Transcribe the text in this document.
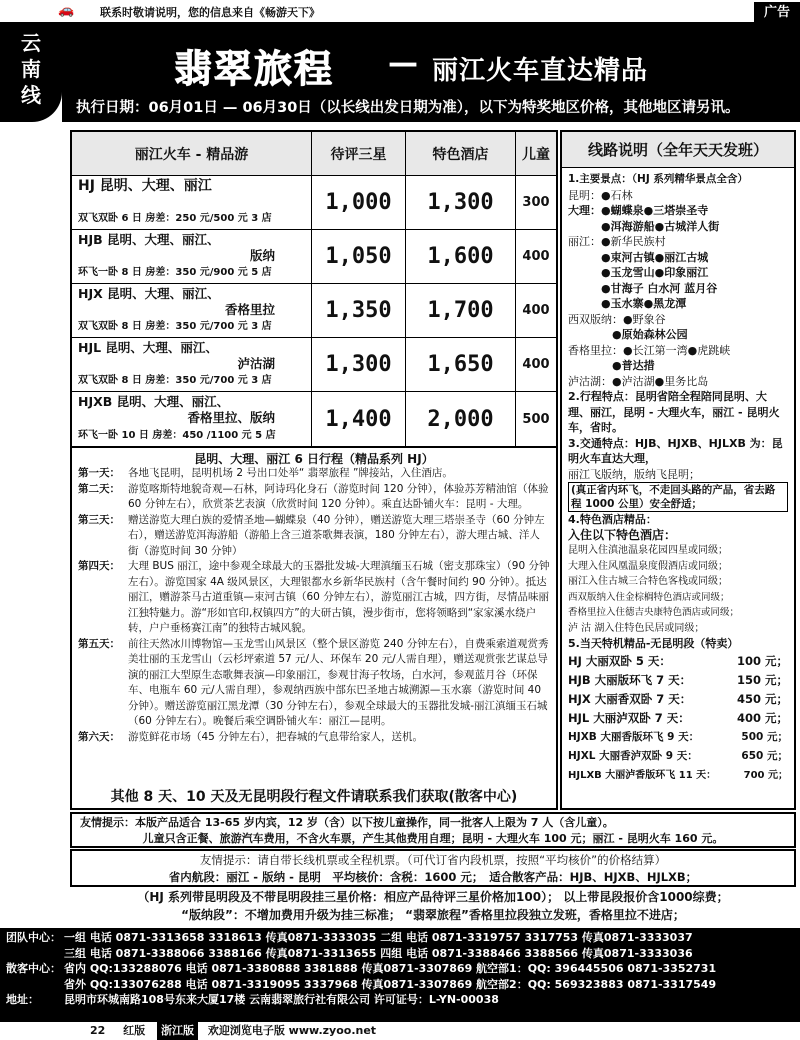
🚗	联系时敬请说明，您的信息来自《畅游天下》	广告
云
南
线
翡翠旅程 — 丽江火车直达精品
执行日期：06月01日 — 06月30日（以长线出发日期为准），以下为特奖地区价格，其他地区请另讯。
丽江火车 - 精品游	待评三星	特色酒店	儿童
HJ 昆明、大理、丽江
双飞双卧 6 日 房差：250 元/500 元 3 店
1,000	1,300	300
HJB 昆明、大理、丽江、
版纳
环飞一卧 8 日 房差：350 元/900 元 5 店
1,050	1,600	400
HJX 昆明、大理、丽江、
香格里拉
双飞双卧 8 日 房差：350 元/700 元 3 店
1,350	1,700	400
HJL 昆明、大理、丽江、
泸沽湖
双飞双卧 8 日 房差：350 元/700 元 3 店
1,300	1,650	400
HJXB 昆明、大理、丽江、
香格里拉、版纳
环飞一卧 10 日 房差：450 /1100 元 5 店
1,400	2,000	500
昆明、大理、丽江 6 日行程（精品系列 HJ）
第一天： 各地飞昆明，昆明机场 2 号出口处举“ 翡翠旅程 ”牌接站，入住酒店。
第二天： 游览喀斯特地貌奇观—石林，阿诗玛化身石（游览时间 120 分钟），体验苏芳精油馆（体验 60 分钟左右），欣赏茶艺表演（欣赏时间 120 分钟）。乘直达卧铺火车：昆明 - 大理。
第三天： 赠送游览大理白族的爱情圣地—蝴蝶泉（40 分钟），赠送游览大理三塔崇圣寺（60 分钟左右），赠送游览洱海游船（游船上含三道茶歌舞表演，180 分钟左右），游大理古城、洋人街（游览时间 30 分钟）
第四天： 大理 BUS 丽江，途中参观全球最大的玉器批发城-大理滇缅玉石城（密支那珠宝）（90 分钟左右）。游览国家 4A 级风景区，大理银都水乡新华民族村（含午餐时间约 90 分钟）。抵达丽江，赠游茶马古道重镇—束河古镇（60 分钟左右），游览丽江古城，四方街，尽情品味丽江独特魅力。游“形如官印,权镇四方”的大研古镇，漫步街市，您将领略到“家家溪水绕户转，户户垂杨赛江南”的独特古城风貌。
第五天： 前往天然冰川博物馆—玉龙雪山风景区（整个景区游览 240 分钟左右），自费乘索道观赏秀美壮丽的玉龙雪山（云杉坪索道 57 元/人、环保车 20 元/人需自理），赠送观赏张艺谋总导演的丽江大型原生态歌舞表演—印象丽江，参观甘海子牧场，白水河，参观蓝月谷（环保车、电瓶车 60 元/人需自理），参观纳西族中部东巴圣地古城溯源—玉水寨（游览时间 40 分钟）。赠送游览丽江黑龙潭（30 分钟左右），参观全球最大的玉器批发城-丽江滇缅玉石城（60 分钟左右）。晚餐后乘空调卧铺火车：丽江—昆明。
第六天： 游览鲜花市场（45 分钟左右），把春城的气息带给家人，送机。
其他 8 天、10 天及无昆明段行程文件请联系我们获取(散客中心)
线路说明（全年天天发班）
1.主要景点：（HJ 系列精华景点全含）
昆明：●石林
大理：●蝴蝶泉●三塔崇圣寺
　　　●洱海游船●古城洋人街
丽江：●新华民族村
　　　●束河古镇●丽江古城
　　　●玉龙雪山●印象丽江
　　　●甘海子 白水河 蓝月谷
　　　●玉水寨●黑龙潭
西双版纳：●野象谷
　　　　●原始森林公园
香格里拉：●长江第一湾●虎跳峡
　　　　●普达措
泸沽湖：●泸沽湖●里务比岛
2.行程特点：昆明省陪全程陪同昆明、大理、丽江，昆明 - 大理火车，丽江 - 昆明火车，省时。
3.交通特点：HJB、HJXB、HJLXB 为：昆明火车直达大理，
丽江飞版纳，版纳飞昆明；
(真正省内环飞，不走回头路的产品，省去路程 1000 公里）安全舒适；
4.特色酒店精品：
入住以下特色酒店：
昆明入住滇池温泉花园四星或同级；
大理入住风凰温泉度假酒店或同级；
丽江入住古城三合特色客栈或同级；
西双版纳入住金棕榈特色酒店或同级；
香格里拉入住德吉央康特色酒店或同级；
泸 沽 湖入住特色民居或同级；
5.当天特机精品-无昆明段（特卖）
HJ 大丽双卧 5 天：	100 元；
HJB 大丽版环飞 7 天：	150 元；
HJX 大丽香双卧 7 天：	450 元；
HJL 大丽泸双卧 7 天：	400 元；
HJXB 大丽香版环飞 9 天：	500 元；
HJXL 大丽香泸双卧 9 天：	650 元；
HJLXB 大丽泸香版环飞 11 天：	700 元；
友情提示：本版产品适合 13-65 岁内宾，12 岁（含）以下按儿童操作，同一批客人上限为 7 人（含儿童）。
儿童只含正餐、旅游汽车费用，不含火车票，产生其他费用自理；昆明 - 大理火车 100 元；丽江 - 昆明火车 160 元。
友情提示：请自带长线机票或全程机票。（可代订省内段机票，按照“平均核价”的价格结算）
省内航段：丽江 - 版纳 - 昆明　平均核价：含税：1600 元；　适合散客产品：HJB、HJXB、HJLXB；
（HJ 系列带昆明段及不带昆明段挂三星价格：相应产品待评三星价格加100）； 以上带昆段报价含1000综费；
“版纳段”：不增加费用升级为挂三标准； “翡翠旅程”香格里拉段独立发班，香格里拉不进店；
团队中心： 一组 电话 0871-3313658 3318613 传真0871-3333035 二组 电话 0871-3319757 3317753 传真0871-3333037
三组 电话 0871-3388066 3388166 传真0871-3313655 四组 电话 0871-3388466 3388566 传真0871-3333036
散客中心： 省内 QQ:133288076 电话 0871-3380888 3381888 传真0871-3307869 航空部1：QQ: 396445506 0871-3352731
省外 QQ:133076288 电话 0871-3319095 3337968 传真0871-3307869 航空部2：QQ: 569323883 0871-3317549
地址：	昆明市环城南路108号东来大厦17楼 云南翡翠旅行社有限公司 许可证号：L-YN-00038
22 红版 浙江版 欢迎浏览电子版 www.zyoo.net
